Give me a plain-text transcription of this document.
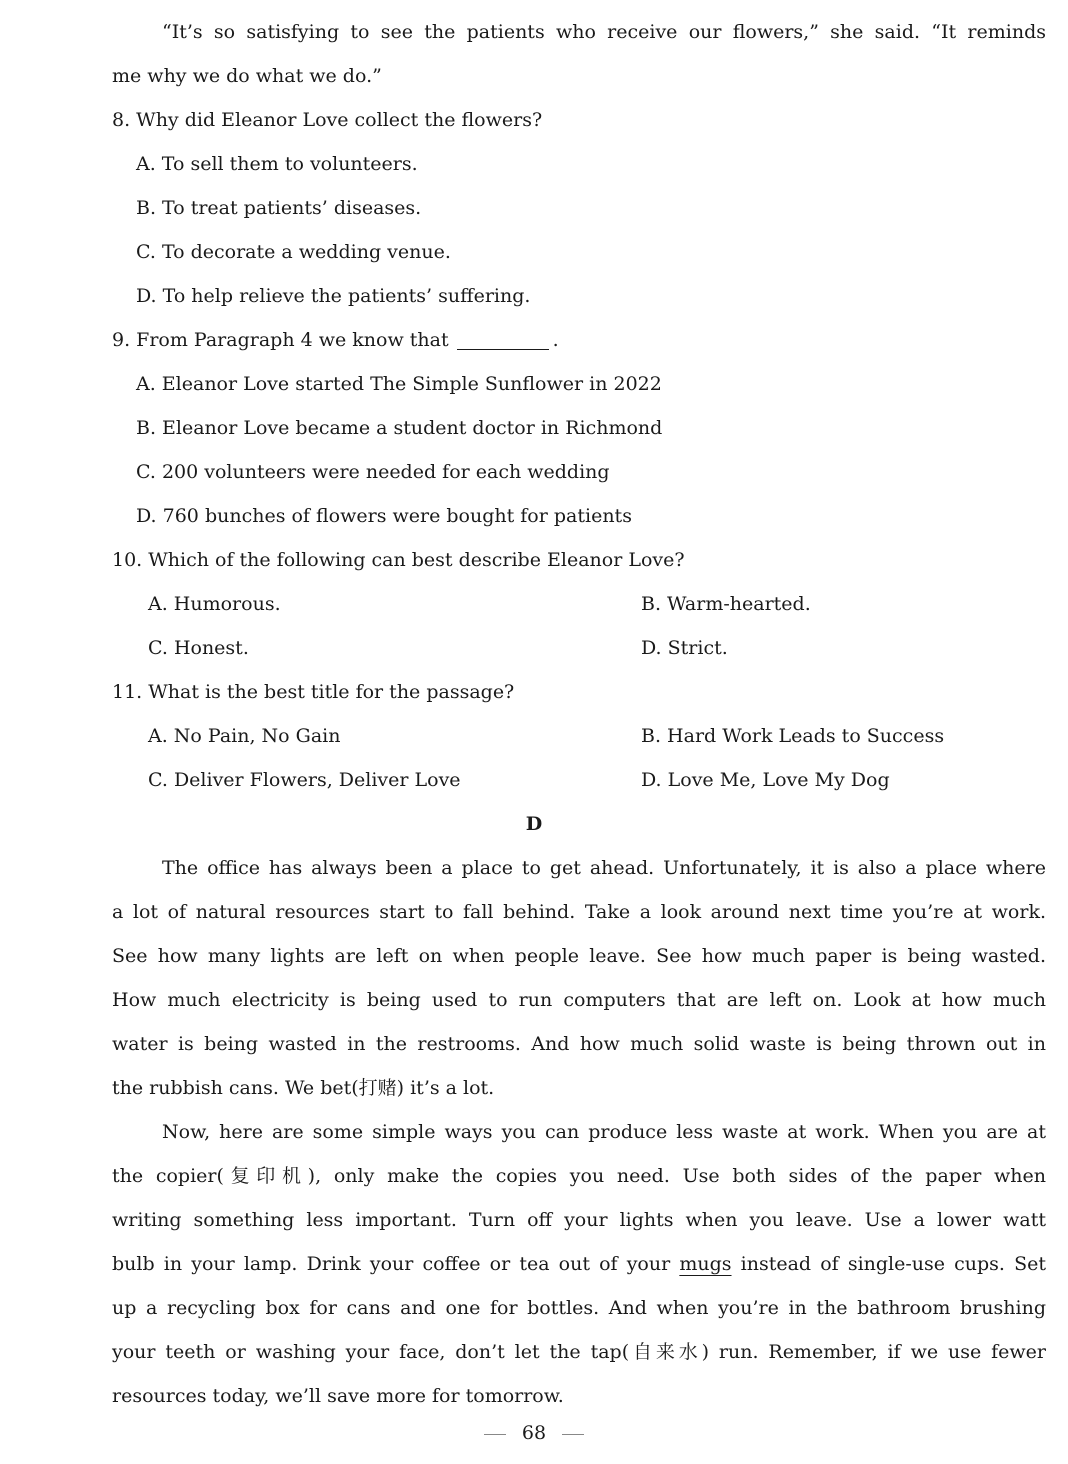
“It’s so satisfying to see the patients who receive our flowers,” she said. “It reminds
me why we do what we do.”
8. Why did Eleanor Love collect the flowers?
A. To sell them to volunteers.
B. To treat patients’ diseases.
C. To decorate a wedding venue.
D. To help relieve the patients’ suffering.
9. From Paragraph 4 we know that	.
A. Eleanor Love started The Simple Sunflower in 2022
B. Eleanor Love became a student doctor in Richmond
C. 200 volunteers were needed for each wedding
D. 760 bunches of flowers were bought for patients
10. Which of the following can best describe Eleanor Love?
A. Humorous.	B. Warm-hearted.
C. Honest.	D. Strict.
11. What is the best title for the passage?
A. No Pain, No Gain	B. Hard Work Leads to Success
C. Deliver Flowers, Deliver Love	D. Love Me, Love My Dog
D
The office has always been a place to get ahead. Unfortunately, it is also a place where
a lot of natural resources start to fall behind. Take a look around next time you’re at work.
See how many lights are left on when people leave. See how much paper is being wasted.
How much electricity is being used to run computers that are left on. Look at how much
water is being wasted in the restrooms. And how much solid waste is being thrown out in
the rubbish cans. We bet(打赌) it’s a lot.
Now, here are some simple ways you can produce less waste at work. When you are at
the copier(复印机), only make the copies you need. Use both sides of the paper when
writing something less important. Turn off your lights when you leave. Use a lower watt
bulb in your lamp. Drink your coffee or tea out of your mugs instead of single-use cups. Set
up a recycling box for cans and one for bottles. And when you’re in the bathroom brushing
your teeth or washing your face, don’t let the tap(自来水) run. Remember, if we use fewer
resources today, we’ll save more for tomorrow.
68
